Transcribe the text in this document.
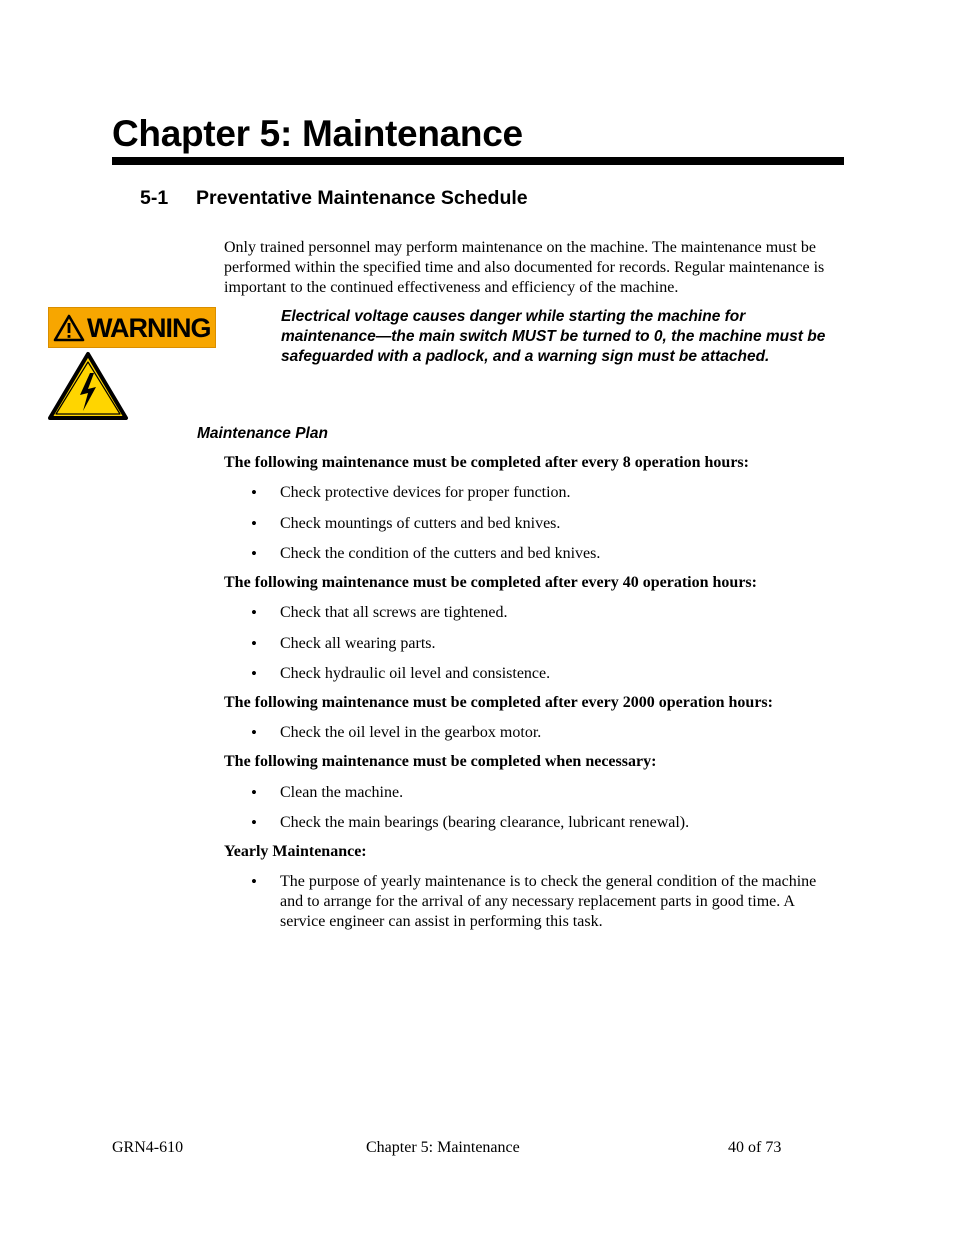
Chapter 5: Maintenance
5-1 Preventative Maintenance Schedule

Only trained personnel may perform maintenance on the machine. The maintenance must be performed within the specified time and also documented for records. Regular maintenance is important to the continued effectiveness and efficiency of the machine.

WARNING	Electrical voltage causes danger while starting the machine for maintenance—the main switch MUST be turned to 0, the machine must be safeguarded with a padlock, and a warning sign must be attached.

Maintenance Plan

The following maintenance must be completed after every 8 operation hours:

• Check protective devices for proper function.
• Check mountings of cutters and bed knives.
• Check the condition of the cutters and bed knives.

The following maintenance must be completed after every 40 operation hours:

• Check that all screws are tightened.
• Check all wearing parts.
• Check hydraulic oil level and consistence.

The following maintenance must be completed after every 2000 operation hours:

• Check the oil level in the gearbox motor.

The following maintenance must be completed when necessary:

• Clean the machine.
• Check the main bearings (bearing clearance, lubricant renewal).

Yearly Maintenance:

• The purpose of yearly maintenance is to check the general condition of the machine and to arrange for the arrival of any necessary replacement parts in good time. A service engineer can assist in performing this task.

GRN4-610	Chapter 5: Maintenance	40 of 73
